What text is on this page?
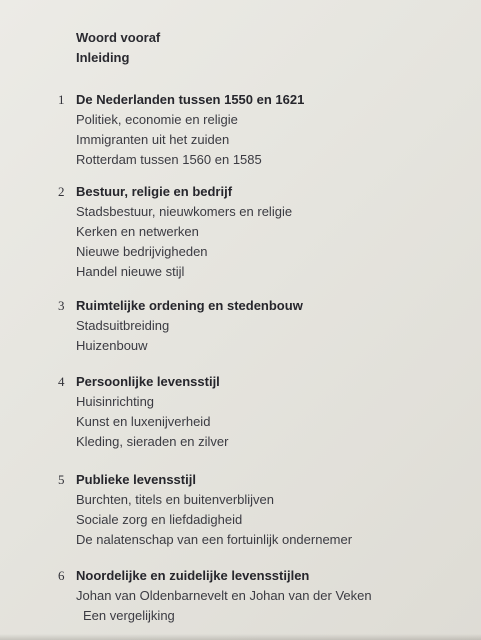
Woord vooraf
Inleiding
1 De Nederlanden tussen 1550 en 1621
Politiek, economie en religie
Immigranten uit het zuiden
Rotterdam tussen 1560 en 1585
2 Bestuur, religie en bedrijf
Stadsbestuur, nieuwkomers en religie
Kerken en netwerken
Nieuwe bedrijvigheden
Handel nieuwe stijl
3 Ruimtelijke ordening en stedenbouw
Stadsuitbreiding
Huizenbouw
4 Persoonlijke levensstijl
Huisinrichting
Kunst en luxenijverheid
Kleding, sieraden en zilver
5 Publieke levensstijl
Burchten, titels en buitenverblijven
Sociale zorg en liefdadigheid
De nalatenschap van een fortuinlijk ondernemer
6 Noordelijke en zuidelijke levensstijlen
Johan van Oldenbarnevelt en Johan van der Veken
Een vergelijking
